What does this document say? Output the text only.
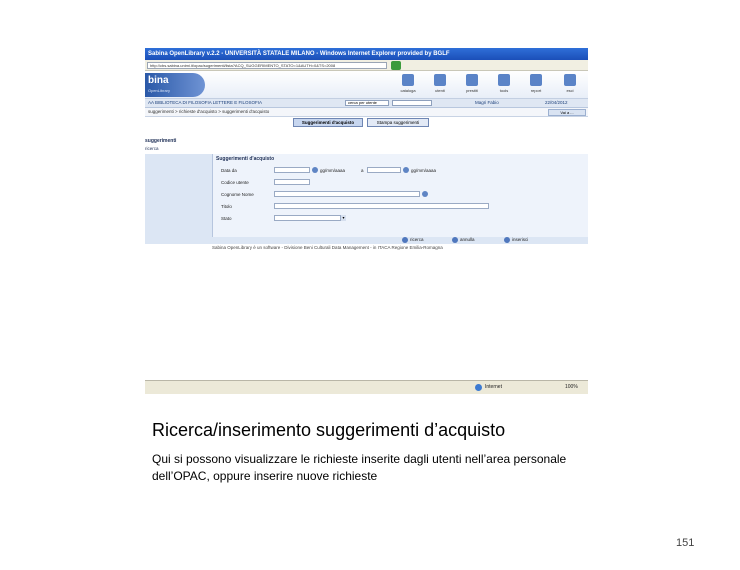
Sabina OpenLibrary v.2.2 - UNIVERSITÀ STATALE MILANO - Windows Internet Explorer provided by BGLF
http://cbs.sabina.unimi.it/opac/sugerimenti/lista?ACQ_SUGGERIMENTO_STATO=1&AUTH=0&TS=2008
bina
OpenLibrary	cataloga	utenti	prestiti	tools	report	esci
AA BIBLIOTECA DI FILOSOFIA LETTERE E FILOSOFIA	cerca per utente	Magri Fabio	22/04/2012
suggerimenti > richieste d'acquisto > suggerimenti d'acquisto	Vai a ...
Suggerimenti d'acquisto	Stampa suggerimenti
suggerimenti
ricerca
Suggerimenti d'acquisto
Data da	gg/mm/aaaa	a	gg/mm/aaaa
Codice utente
Cognome Nome
Titolo
Stato	▾
ricerca	annulla	inserisci
Sabina OpenLibrary è un software - Divisione Beni Culturali Data Management - in ITACA Regione Emilia-Romagna
Internet	100%
Ricerca/inserimento suggerimenti d’acquisto
Qui si possono visualizzare le richieste inserite dagli utenti nell’area personale dell’OPAC, oppure inserire nuove richieste
151
